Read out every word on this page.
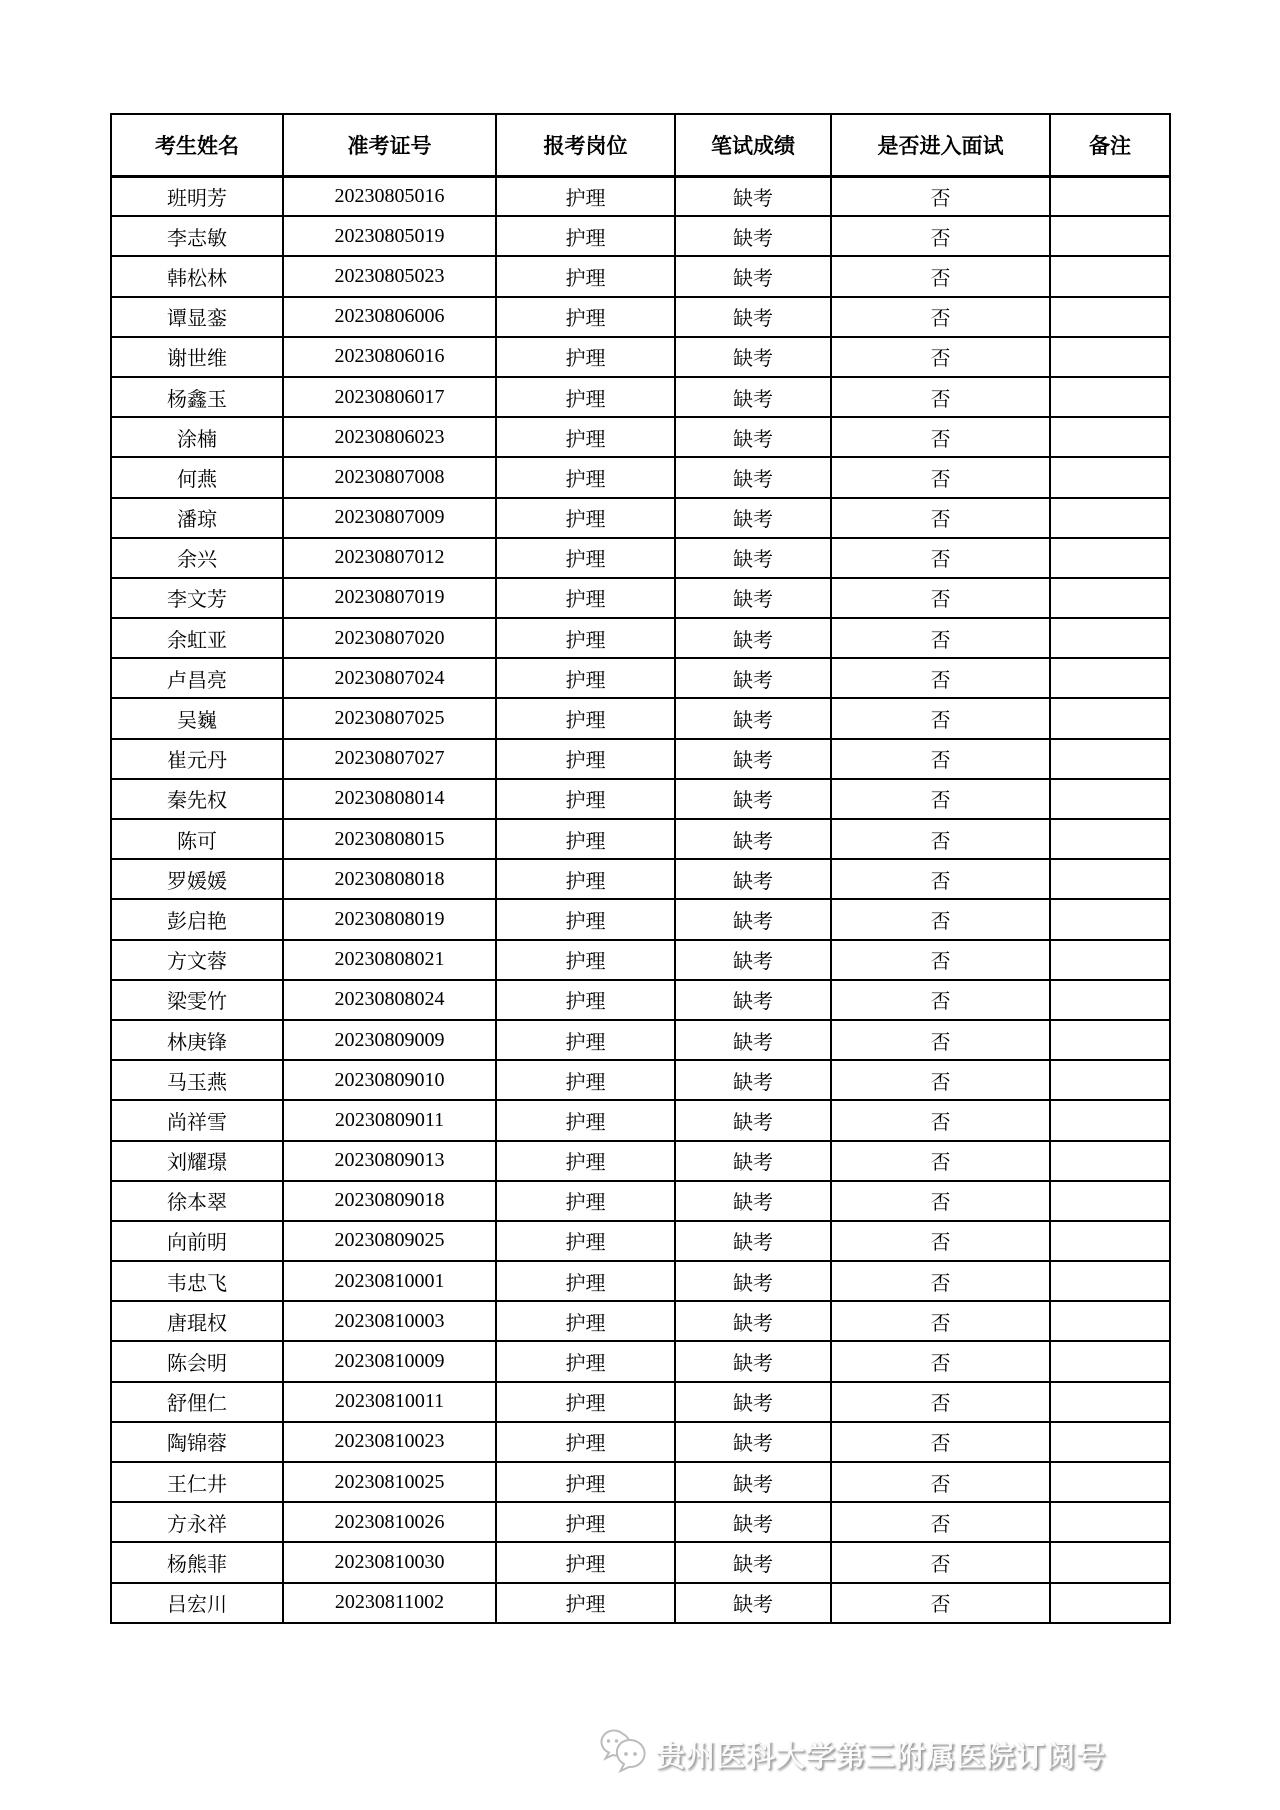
考生姓名	准考证号	报考岗位	笔试成绩	是否进入面试	备注
班明芳	20230805016	护理	缺考	否	
李志敏	20230805019	护理	缺考	否	
韩松林	20230805023	护理	缺考	否	
谭显銮	20230806006	护理	缺考	否	
谢世维	20230806016	护理	缺考	否	
杨鑫玉	20230806017	护理	缺考	否	
涂楠	20230806023	护理	缺考	否	
何燕	20230807008	护理	缺考	否	
潘琼	20230807009	护理	缺考	否	
余兴	20230807012	护理	缺考	否	
李文芳	20230807019	护理	缺考	否	
余虹亚	20230807020	护理	缺考	否	
卢昌亮	20230807024	护理	缺考	否	
吴巍	20230807025	护理	缺考	否	
崔元丹	20230807027	护理	缺考	否	
秦先权	20230808014	护理	缺考	否	
陈可	20230808015	护理	缺考	否	
罗媛媛	20230808018	护理	缺考	否	
彭启艳	20230808019	护理	缺考	否	
方文蓉	20230808021	护理	缺考	否	
梁雯竹	20230808024	护理	缺考	否	
林庚锋	20230809009	护理	缺考	否	
马玉燕	20230809010	护理	缺考	否	
尚祥雪	20230809011	护理	缺考	否	
刘耀璟	20230809013	护理	缺考	否	
徐本翠	20230809018	护理	缺考	否	
向前明	20230809025	护理	缺考	否	
韦忠飞	20230810001	护理	缺考	否	
唐琨权	20230810003	护理	缺考	否	
陈会明	20230810009	护理	缺考	否	
舒俚仁	20230810011	护理	缺考	否	
陶锦蓉	20230810023	护理	缺考	否	
王仁井	20230810025	护理	缺考	否	
方永祥	20230810026	护理	缺考	否	
杨熊菲	20230810030	护理	缺考	否	
吕宏川	20230811002	护理	缺考	否	
贵州医科大学第三附属医院订阅号
